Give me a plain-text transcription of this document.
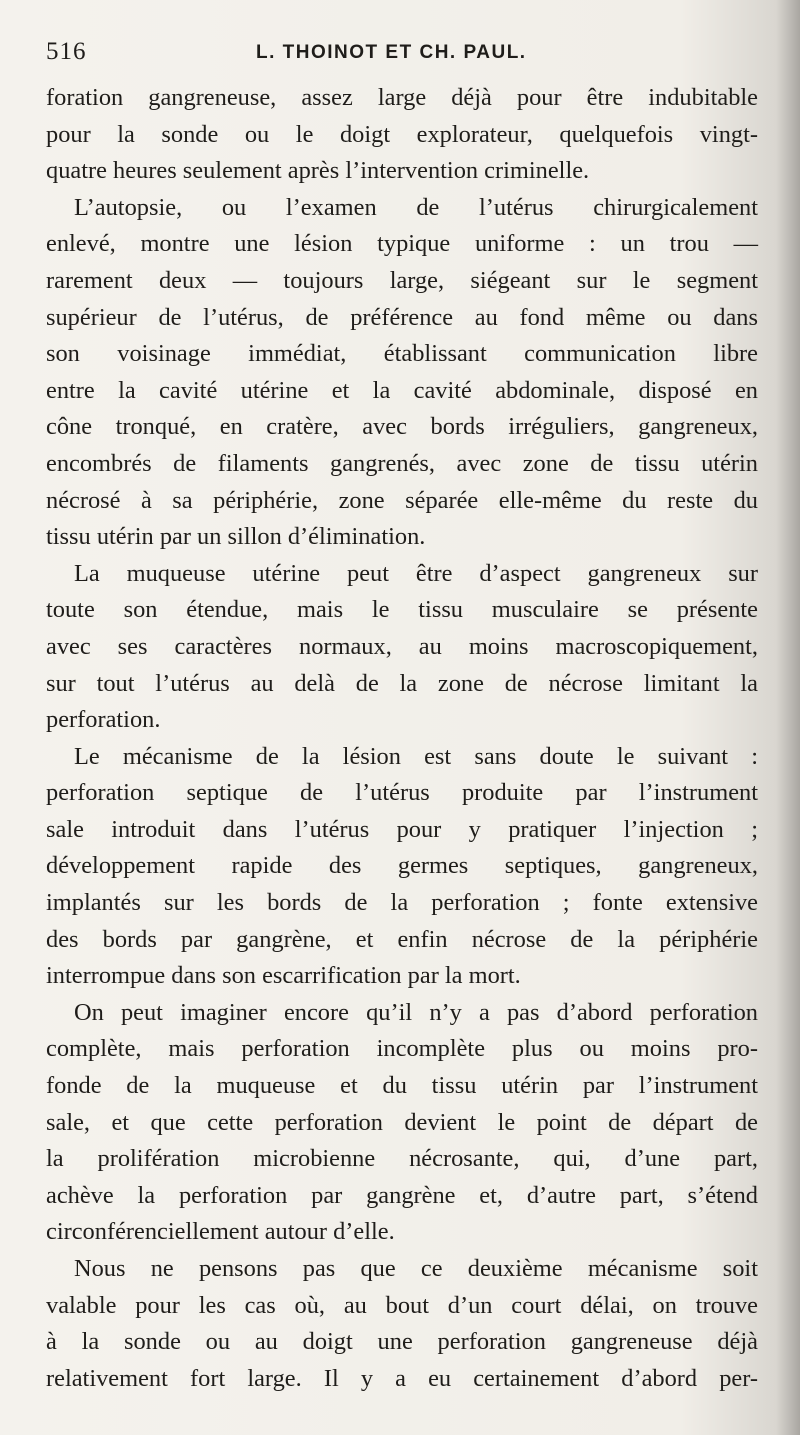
516	L. THOINOT ET CH. PAUL.
foration gangreneuse, assez large déjà pour être indubitable
pour la sonde ou le doigt explorateur, quelquefois vingt-
quatre heures seulement après l’intervention criminelle.
L’autopsie, ou l’examen de l’utérus chirurgicalement
enlevé, montre une lésion typique uniforme : un trou —
rarement deux — toujours large, siégeant sur le segment
supérieur de l’utérus, de préférence au fond même ou dans
son voisinage immédiat, établissant communication libre
entre la cavité utérine et la cavité abdominale, disposé en
cône tronqué, en cratère, avec bords irréguliers, gangreneux,
encombrés de filaments gangrenés, avec zone de tissu utérin
nécrosé à sa périphérie, zone séparée elle-même du reste du
tissu utérin par un sillon d’élimination.
La muqueuse utérine peut être d’aspect gangreneux sur
toute son étendue, mais le tissu musculaire se présente
avec ses caractères normaux, au moins macroscopiquement,
sur tout l’utérus au delà de la zone de nécrose limitant la
perforation.
Le mécanisme de la lésion est sans doute le suivant :
perforation septique de l’utérus produite par l’instrument
sale introduit dans l’utérus pour y pratiquer l’injection ;
développement rapide des germes septiques, gangreneux,
implantés sur les bords de la perforation ; fonte extensive
des bords par gangrène, et enfin nécrose de la périphérie
interrompue dans son escarrification par la mort.
On peut imaginer encore qu’il n’y a pas d’abord perforation
complète, mais perforation incomplète plus ou moins pro-
fonde de la muqueuse et du tissu utérin par l’instrument
sale, et que cette perforation devient le point de départ de
la prolifération microbienne nécrosante, qui, d’une part,
achève la perforation par gangrène et, d’autre part, s’étend
circonférenciellement autour d’elle.
Nous ne pensons pas que ce deuxième mécanisme soit
valable pour les cas où, au bout d’un court délai, on trouve
à la sonde ou au doigt une perforation gangreneuse déjà
relativement fort large. Il y a eu certainement d’abord per-
